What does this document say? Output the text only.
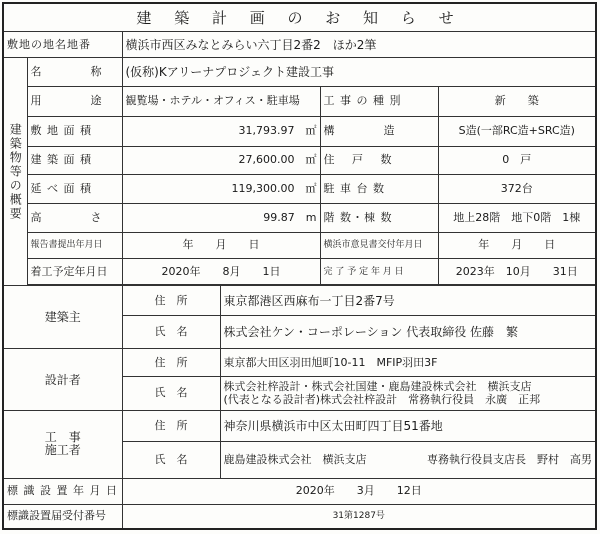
建 築 計 画 の お 知 ら せ					
敷地の地名地番		横浜市西区みなとみらい六丁目2番2　ほか2筆			
建築物等の概要	名　　　　称	(仮称)Kアリーナプロジェクト建設工事			
	用　　　　途	観覧場・ホテル・オフィス・駐車場		工 事 の 種 別	新　　築
	敷 地 面 積	31,793.97　㎡		構　　　　造	S造(一部RC造+SRC造)
	建 築 面 積	27,600.00　㎡		住 　戸 　数	0　戸
	延 べ 面 積	119,300.00　㎡		駐 車 台 数	372台
	高　　　　さ	99.87　m		階 数・棟 数	地上28階　地下0階　1棟
	報告書提出年月日	年　　月　　日		横浜市意見書交付年月日	年　　月　　日
	着工予定年月日	2020年　　8月　　1日		完 了 予 定 年 月 日	2023年　10月　　31日

建築主		住　所	東京都港区西麻布一丁目2番7号		
		氏　名	株式会社ケン・コーポレーション 代表取締役 佐藤　繁		
設計者		住　所	東京都大田区羽田旭町10-11　MFIP羽田3F		
		氏　名	株式会社梓設計・株式会社国建・鹿島建設株式会社　横浜支店
(代表となる設計者)株式会社梓設計　常務執行役員　永廣　正邦		

工　事
施工者		住　所	神奈川県横浜市中区太田町四丁目51番地		
		氏　名	鹿島建設株式会社　横浜支店 専務執行役員支店長　野村　高男		

標 識 設 置 年 月 日		2020年　　3月　　12日			
標識設置届受付番号		31第1287号			
